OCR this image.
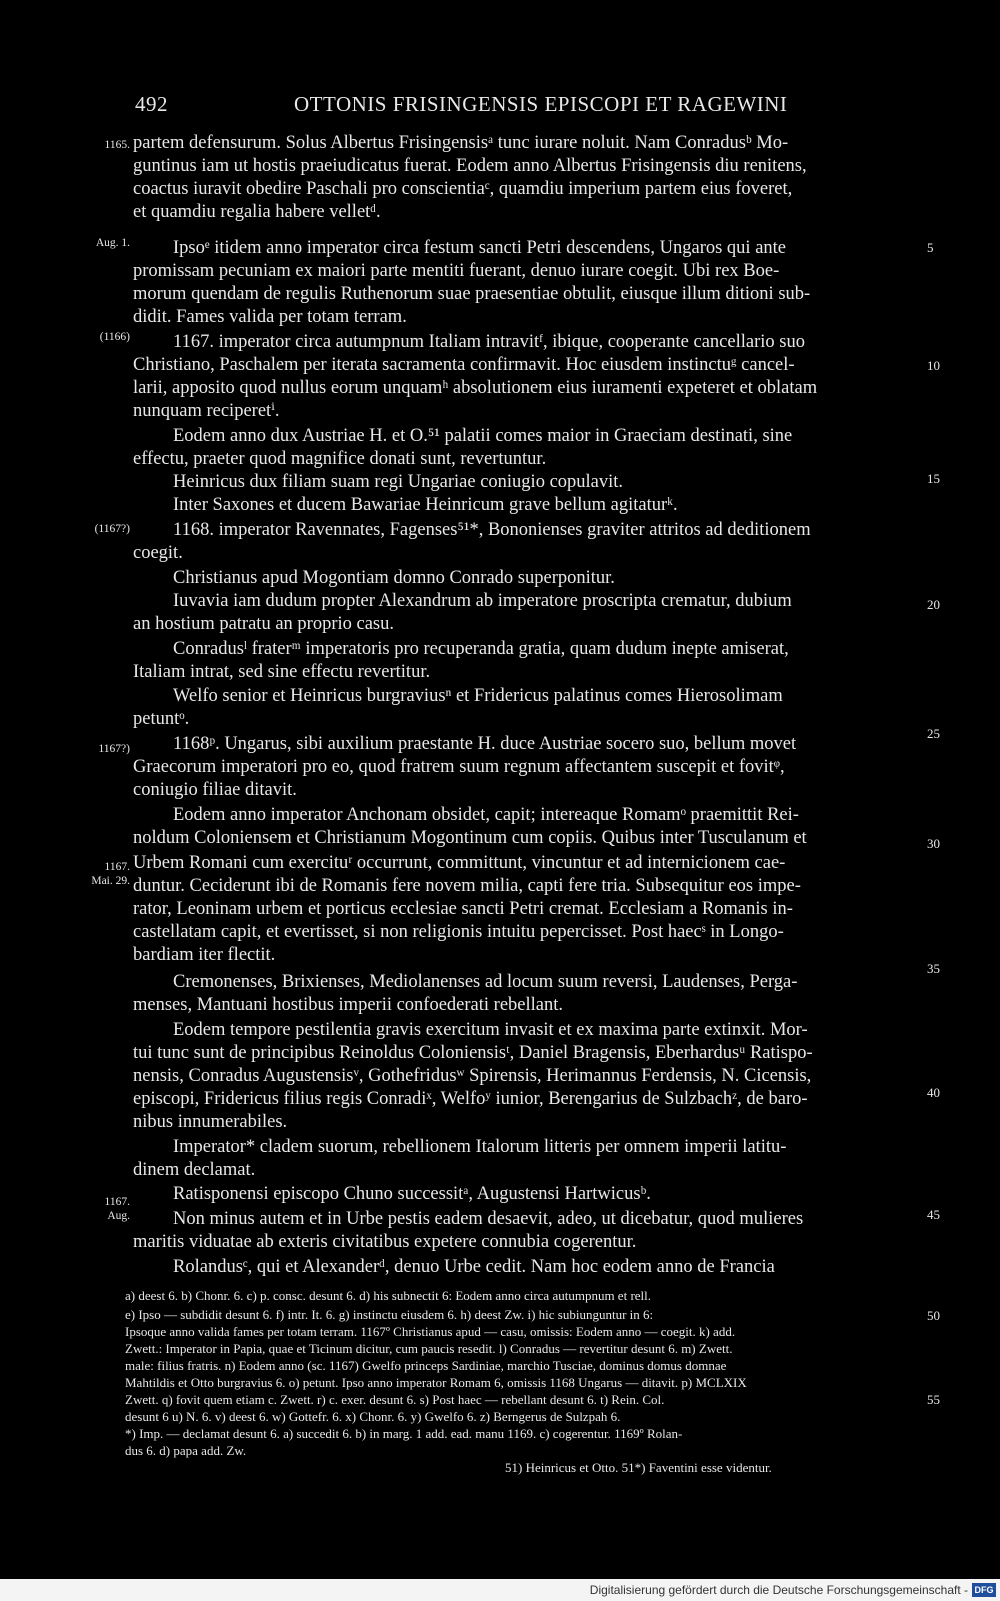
492	OTTONIS FRISINGENSIS EPISCOPI ET RAGEWINI
partem defensurum. Solus Albertus Frisingensisᵃ tunc iurare noluit. Nam Conradusᵇ Mo-
guntinus iam ut hostis praeiudicatus fuerat. Eodem anno Albertus Frisingensis diu renitens,
coactus iuravit obedire Paschali pro conscientiaᶜ, quamdiu imperium partem eius foveret,
et quamdiu regalia habere velletᵈ.
Ipsoᵉ itidem anno imperator circa festum sancti Petri descendens, Ungaros qui ante
promissam pecuniam ex maiori parte mentiti fuerant, denuo iurare coegit. Ubi rex Boe-
morum quendam de regulis Ruthenorum suae praesentiae obtulit, eiusque illum ditioni sub-
didit. Fames valida per totam terram.
1167. imperator circa autumpnum Italiam intravitᶠ, ibique, cooperante cancellario suo
Christiano, Paschalem per iterata sacramenta confirmavit. Hoc eiusdem instinctuᵍ cancel-
larii, apposito quod nullus eorum unquamʰ absolutionem eius iuramenti expeteret et oblatam
nunquam reciperetⁱ.
Eodem anno dux Austriae H. et O.⁵¹ palatii comes maior in Graeciam destinati, sine
effectu, praeter quod magnifice donati sunt, revertuntur.
Heinricus dux filiam suam regi Ungariae coniugio copulavit.
Inter Saxones et ducem Bawariae Heinricum grave bellum agitaturᵏ.
1168. imperator Ravennates, Fagenses⁵¹*, Bononienses graviter attritos ad deditionem
coegit.
Christianus apud Mogontiam domno Conrado superponitur.
Iuvavia iam dudum propter Alexandrum ab imperatore proscripta crematur, dubium
an hostium patratu an proprio casu.
Conradusˡ fraterᵐ imperatoris pro recuperanda gratia, quam dudum inepte amiserat,
Italiam intrat, sed sine effectu revertitur.
Welfo senior et Heinricus burgraviusⁿ et Fridericus palatinus comes Hierosolimam
petuntᵒ.
1168ᵖ. Ungarus, sibi auxilium praestante H. duce Austriae socero suo, bellum movet
Graecorum imperatori pro eo, quod fratrem suum regnum affectantem suscepit et fovitᵠ,
coniugio filiae ditavit.
Eodem anno imperator Anchonam obsidet, capit; intereaque Romamᵒ praemittit Rei-
noldum Coloniensem et Christianum Mogontinum cum copiis. Quibus inter Tusculanum et
Urbem Romani cum exercituʳ occurrunt, committunt, vincuntur et ad internicionem cae-
duntur. Ceciderunt ibi de Romanis fere novem milia, capti fere tria. Subsequitur eos impe-
rator, Leoninam urbem et porticus ecclesiae sancti Petri cremat. Ecclesiam a Romanis in-
castellatam capit, et evertisset, si non religionis intuitu pepercisset. Post haecˢ in Longo-
bardiam iter flectit.
Cremonenses, Brixienses, Mediolanenses ad locum suum reversi, Laudenses, Perga-
menses, Mantuani hostibus imperii confoederati rebellant.
Eodem tempore pestilentia gravis exercitum invasit et ex maxima parte extinxit. Mor-
tui tunc sunt de principibus Reinoldus Coloniensisᵗ, Daniel Bragensis, Eberhardusᵘ Ratispo-
nensis, Conradus Augustensisᵛ, Gothefridusʷ Spirensis, Herimannus Ferdensis, N. Cicensis,
episcopi, Fridericus filius regis Conradiˣ, Welfoʸ iunior, Berengarius de Sulzbachᶻ, de baro-
nibus innumerabiles.
Imperator* cladem suorum, rebellionem Italorum litteris per omnem imperii latitu-
dinem declamat.
Ratisponensi episcopo Chuno successitᵃ, Augustensi Hartwicusᵇ.
Non minus autem et in Urbe pestis eadem desaevit, adeo, ut dicebatur, quod mulieres
maritis viduatae ab exteris civitatibus expetere connubia cogerentur.
Rolandusᶜ, qui et Alexanderᵈ, denuo Urbe cedit. Nam hoc eodem anno de Francia
5
10
15
20
25
30
35
40
45
1165.
Aug. 1.
(1166)
(1167?)
1167?)
1167.
Mai. 29.
1167.
Aug.
a) deest 6. b) Chonr. 6. c) p. consc. desunt 6. d) his subnectit 6: Eodem anno circa autumpnum et rell.
e) Ipso — subdidit desunt 6. f) intr. It. 6. g) instinctu eiusdem 6. h) deest Zw. i) hic subiunguntur in 6:
Ipsoque anno valida fames per totam terram. 1167º Christianus apud — casu, omissis: Eodem anno — coegit. k) add.
Zwett.: Imperator in Papia, quae et Ticinum dicitur, cum paucis resedit. l) Conradus — revertitur desunt 6. m) Zwett.
male: filius fratris. n) Eodem anno (sc. 1167) Gwelfo princeps Sardiniae, marchio Tusciae, dominus domus domnae
Mahtildis et Otto burgravius 6. o) petunt. Ipso anno imperator Romam 6, omissis 1168 Ungarus — ditavit. p) MCLXIX
Zwett. q) fovit quem etiam c. Zwett. r) c. exer. desunt 6. s) Post haec — rebellant desunt 6. t) Rein. Col.
desunt 6 u) N. 6. v) deest 6. w) Gottefr. 6. x) Chonr. 6. y) Gwelfo 6. z) Berngerus de Sulzpah 6.
*) Imp. — declamat desunt 6. a) succedit 6. b) in marg. 1 add. ead. manu 1169. c) cogerentur. 1169º Rolan-
dus 6. d) papa add. Zw.
51) Heinricus et Otto. 51*) Faventini esse videntur.
50
55
Digitalisierung gefördert durch die Deutsche Forschungsgemeinschaft - DFG
